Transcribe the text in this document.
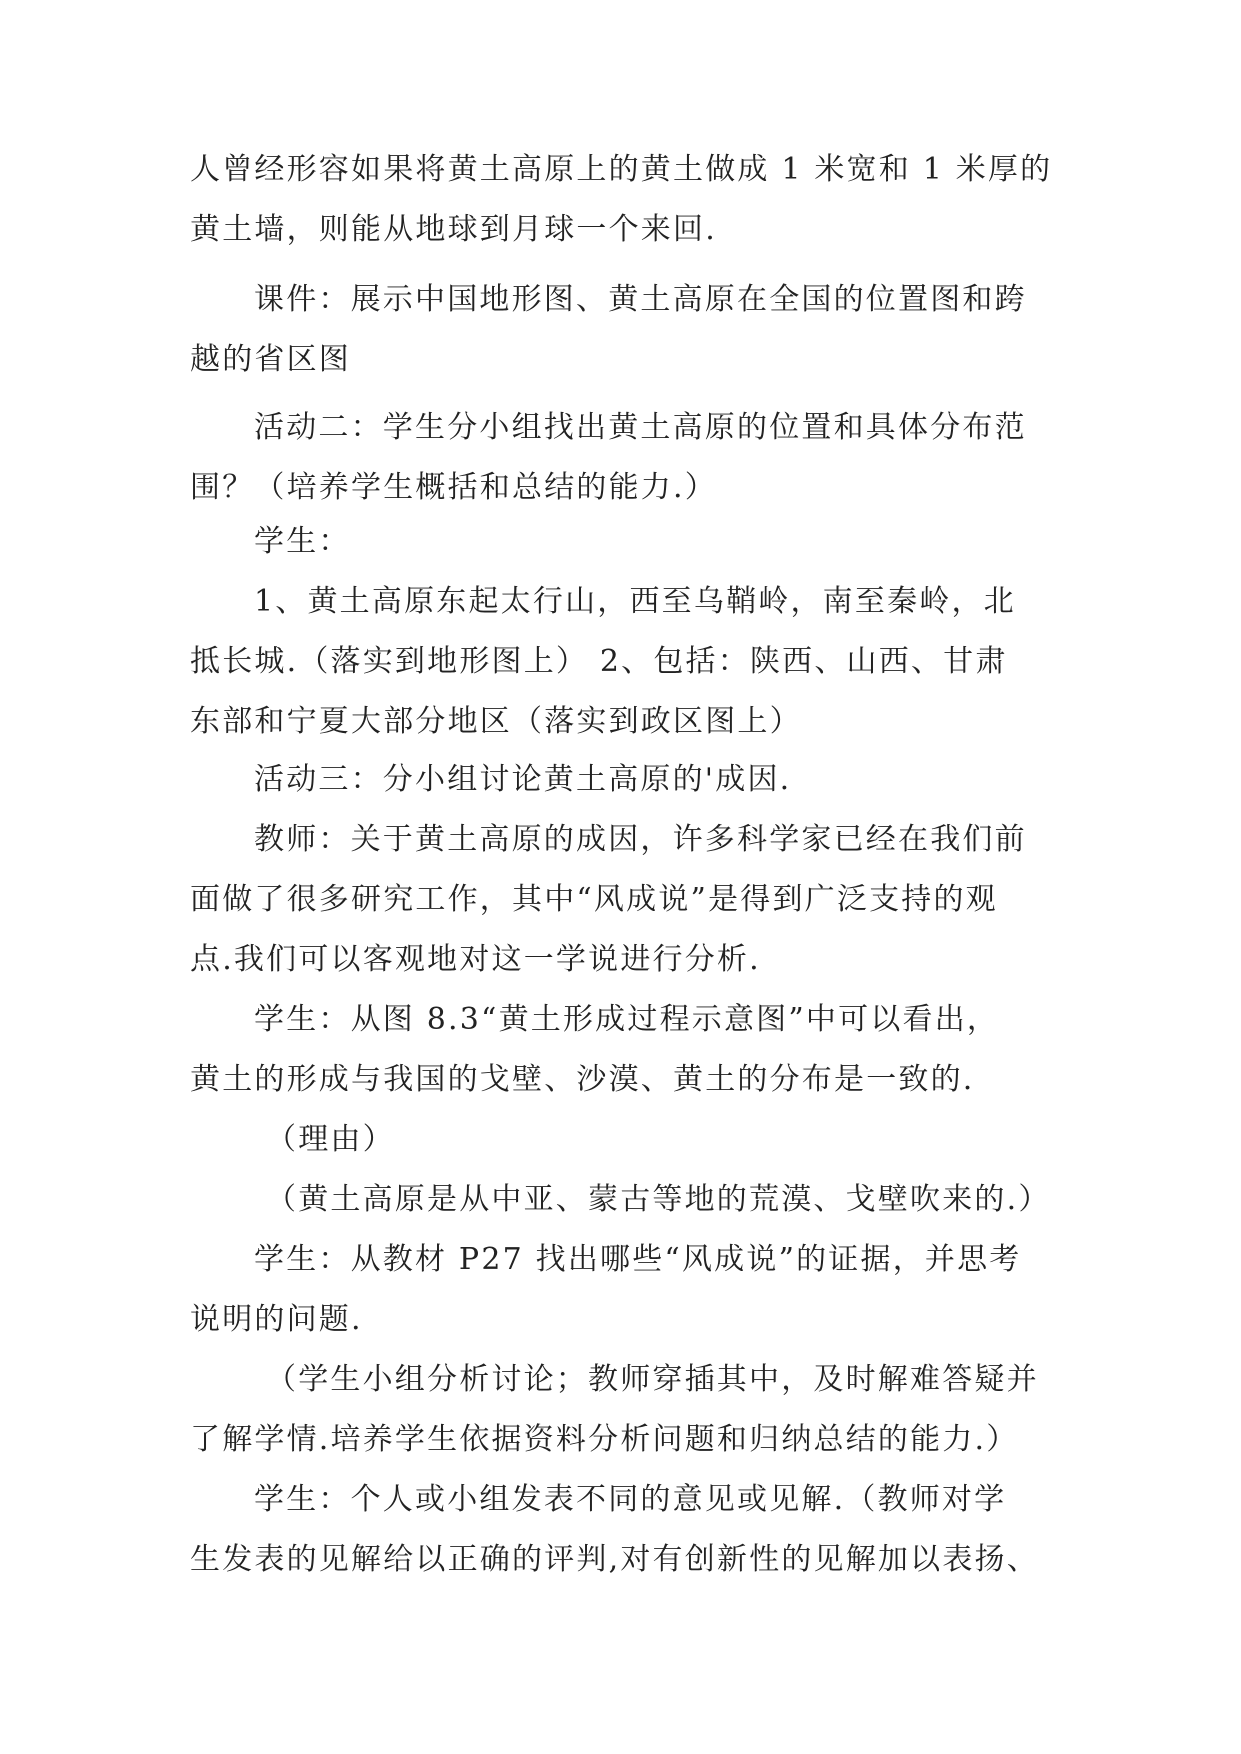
人曾经形容如果将黄土高原上的黄土做成 1 米宽和 1 米厚的
黄土墙，则能从地球到月球一个来回.
课件：展示中国地形图、黄土高原在全国的位置图和跨
越的省区图
活动二：学生分小组找出黄土高原的位置和具体分布范
围？（培养学生概括和总结的能力.）
学生：
1、黄土高原东起太行山，西至乌鞘岭，南至秦岭，北
抵长城.（落实到地形图上） 2、包括：陕西、山西、甘肃
东部和宁夏大部分地区（落实到政区图上）
活动三：分小组讨论黄土高原的'成因.
教师：关于黄土高原的成因，许多科学家已经在我们前
面做了很多研究工作，其中“风成说”是得到广泛支持的观
点.我们可以客观地对这一学说进行分析.
学生：从图 8.3“黄土形成过程示意图”中可以看出，
黄土的形成与我国的戈壁、沙漠、黄土的分布是一致的.
（理由）
（黄土高原是从中亚、蒙古等地的荒漠、戈壁吹来的.）
学生：从教材 P27 找出哪些“风成说”的证据，并思考
说明的问题.
（学生小组分析讨论；教师穿插其中，及时解难答疑并
了解学情.培养学生依据资料分析问题和归纳总结的能力.）
学生：个人或小组发表不同的意见或见解.（教师对学
生发表的见解给以正确的评判,对有创新性的见解加以表扬、
